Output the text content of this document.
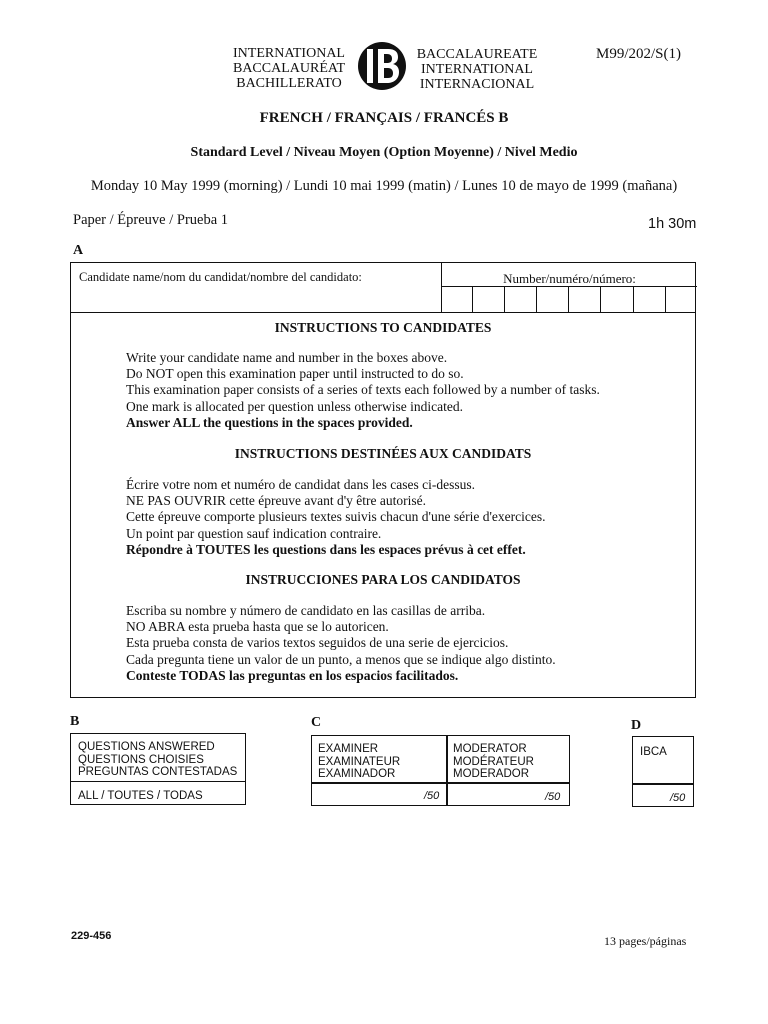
INTERNATIONAL
BACCALAURÉAT
BACHILLERATO
BACCALAUREATE
INTERNATIONAL
INTERNACIONAL
M99/202/S(1)
FRENCH / FRANÇAIS / FRANCÉS B
Standard Level / Niveau Moyen (Option Moyenne) / Nivel Medio
Monday 10 May 1999 (morning) / Lundi 10 mai 1999 (matin) / Lunes 10 de mayo de 1999 (mañana)
Paper / Épreuve / Prueba 1	1h 30m
A
Candidate name/nom du candidat/nombre del candidato:	Number/numéro/número:
INSTRUCTIONS TO CANDIDATES
Write your candidate name and number in the boxes above.
Do NOT open this examination paper until instructed to do so.
This examination paper consists of a series of texts each followed by a number of tasks.
One mark is allocated per question unless otherwise indicated.
Answer ALL the questions in the spaces provided.
INSTRUCTIONS DESTINÉES AUX CANDIDATS
Écrire votre nom et numéro de candidat dans les cases ci-dessus.
NE PAS OUVRIR cette épreuve avant d'y être autorisé.
Cette épreuve comporte plusieurs textes suivis chacun d'une série d'exercices.
Un point par question sauf indication contraire.
Répondre à TOUTES les questions dans les espaces prévus à cet effet.
INSTRUCCIONES PARA LOS CANDIDATOS
Escriba su nombre y número de candidato en las casillas de arriba.
NO ABRA esta prueba hasta que se lo autoricen.
Esta prueba consta de varios textos seguidos de una serie de ejercicios.
Cada pregunta tiene un valor de un punto, a menos que se indique algo distinto.
Conteste TODAS las preguntas en los espacios facilitados.
B
QUESTIONS ANSWERED
QUESTIONS CHOISIES
PREGUNTAS CONTESTADAS
ALL / TOUTES / TODAS
C
EXAMINER
EXAMINATEUR
EXAMINADOR
MODERATOR
MODÉRATEUR
MODERADOR
/50	/50
D
IBCA
/50
229-456	13 pages/páginas
